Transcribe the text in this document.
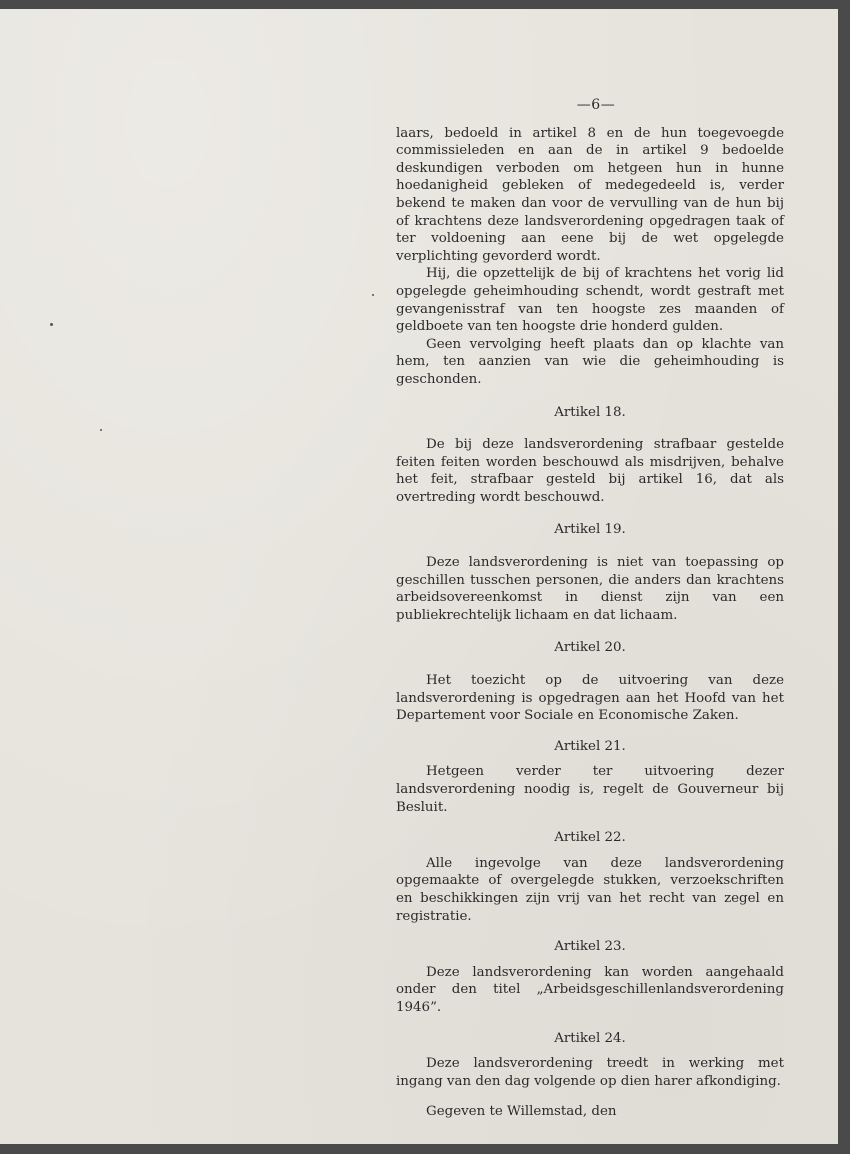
—6—

laars, bedoeld in artikel 8 en de hun toegevoegde commissieleden en aan de in artikel 9 bedoelde deskundigen verboden om hetgeen hun in hunne hoedanigheid gebleken of medegedeeld is, verder bekend te maken dan voor de vervulling van de hun bij of krachtens deze landsverordening opgedragen taak of ter voldoening aan eene bij de wet opgelegde verplichting gevorderd wordt.

Hij, die opzettelijk de bij of krachtens het vorig lid opgelegde geheimhouding schendt, wordt gestraft met gevangenisstraf van ten hoogste zes maanden of geldboete van ten hoogste drie honderd gulden.

Geen vervolging heeft plaats dan op klachte van hem, ten aanzien van wie die geheimhouding is geschonden.

Artikel 18.

De bij deze landsverordening strafbaar gestelde feiten feiten worden beschouwd als misdrijven, behalve het feit, strafbaar gesteld bij artikel 16, dat als overtreding wordt beschouwd.

Artikel 19.

Deze landsverordening is niet van toepassing op geschillen tusschen personen, die anders dan krachtens arbeidsovereenkomst in dienst zijn van een publiekrechtelijk lichaam en dat lichaam.

Artikel 20.

Het toezicht op de uitvoering van deze landsverordening is opgedragen aan het Hoofd van het Departement voor Sociale en Economische Zaken.

Artikel 21.

Hetgeen verder ter uitvoering dezer landsverordening noodig is, regelt de Gouverneur bij Besluit.

Artikel 22.

Alle ingevolge van deze landsverordening opgemaakte of overgelegde stukken, verzoekschriften en beschikkingen zijn vrij van het recht van zegel en registratie.

Artikel 23.

Deze landsverordening kan worden aangehaald onder den titel „Arbeidsgeschillenlandsverordening 1946”.

Artikel 24.

Deze landsverordening treedt in werking met ingang van den dag volgende op dien harer afkondiging.

Gegeven te Willemstad, den
